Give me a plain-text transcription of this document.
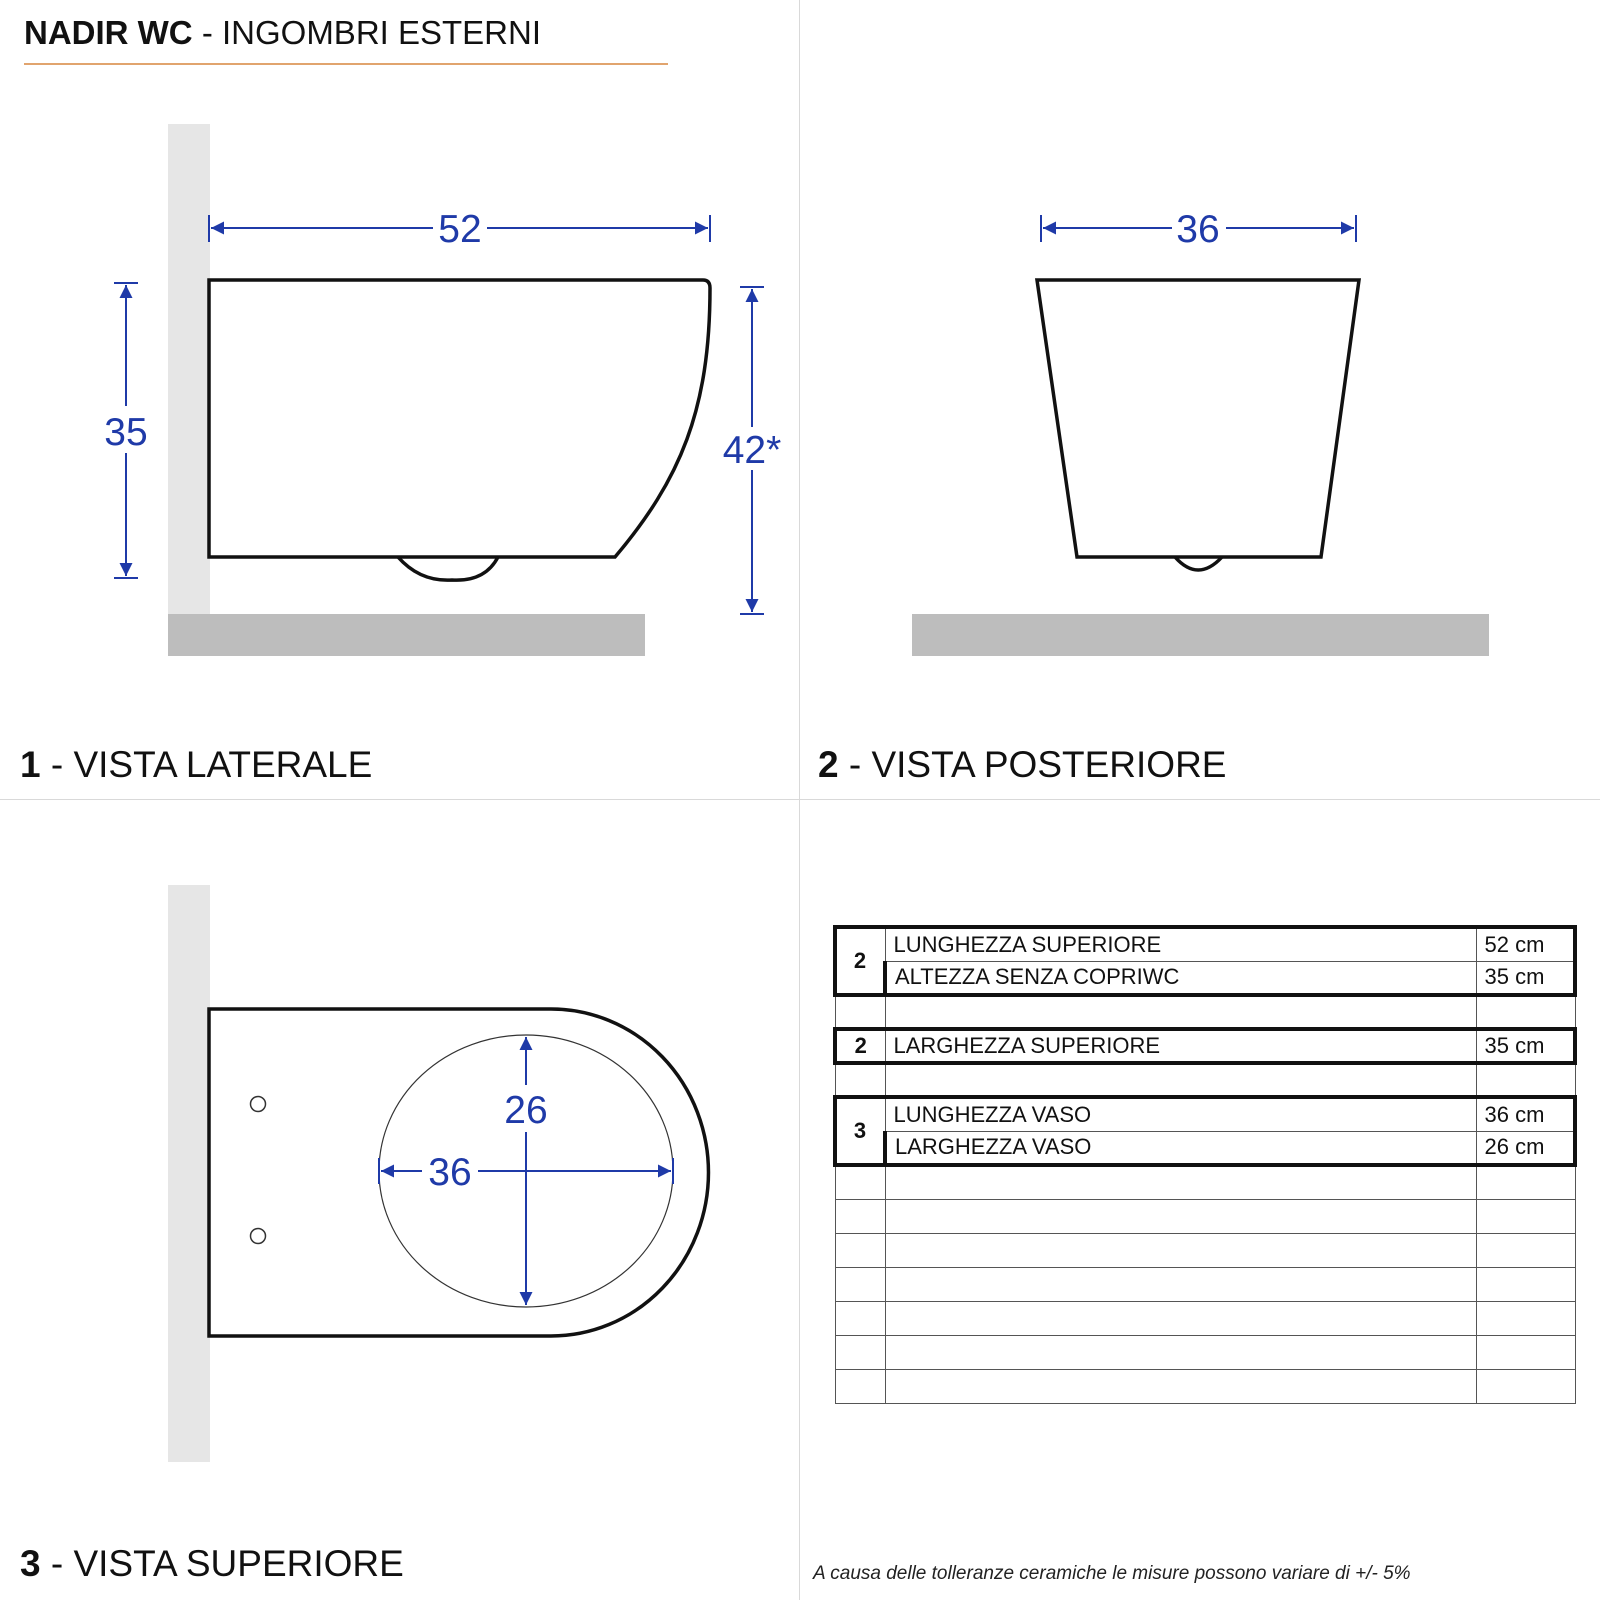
NADIR WC - INGOMBRI ESTERNI
52
35	42*
36
26
36
1 - VISTA LATERALE	2 - VISTA POSTERIORE
3 - VISTA SUPERIORE
2	LUNGHEZZA SUPERIORE	52 cm
	ALTEZZA SENZA COPRIWC	35 cm

2	LARGHEZZA SUPERIORE	35 cm

3	LUNGHEZZA VASO	36 cm
	LARGHEZZA VASO	26 cm

A causa delle tolleranze ceramiche le misure possono variare di +/- 5%
